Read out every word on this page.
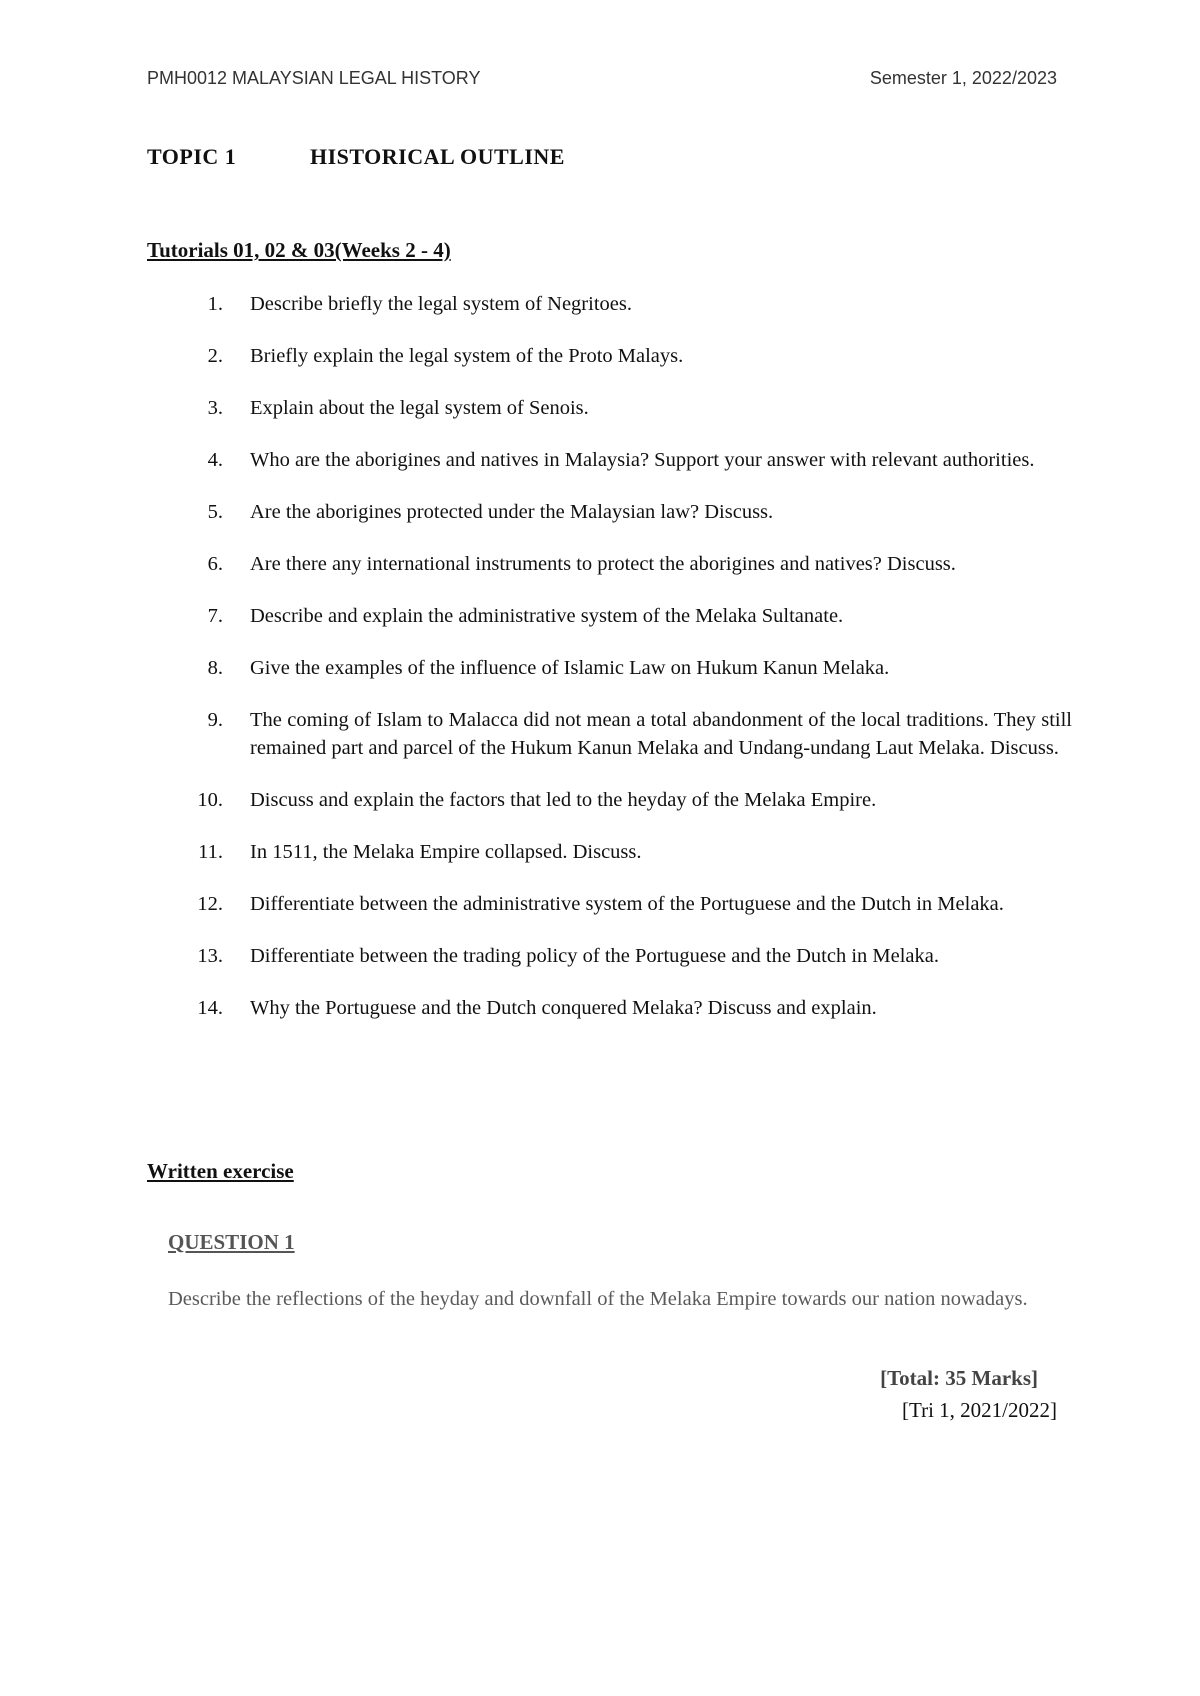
PMH0012 MALAYSIAN LEGAL HISTORY	Semester 1, 2022/2023
TOPIC 1	HISTORICAL OUTLINE
Tutorials 01, 02 & 03(Weeks 2 - 4)
1. Describe briefly the legal system of Negritoes.
2. Briefly explain the legal system of the Proto Malays.
3. Explain about the legal system of Senois.
4. Who are the aborigines and natives in Malaysia? Support your answer with relevant authorities.
5. Are the aborigines protected under the Malaysian law? Discuss.
6. Are there any international instruments to protect the aborigines and natives? Discuss.
7. Describe and explain the administrative system of the Melaka Sultanate.
8. Give the examples of the influence of Islamic Law on Hukum Kanun Melaka.
9. The coming of Islam to Malacca did not mean a total abandonment of the local traditions. They still remained part and parcel of the Hukum Kanun Melaka and Undang-undang Laut Melaka. Discuss.
10. Discuss and explain the factors that led to the heyday of the Melaka Empire.
11. In 1511, the Melaka Empire collapsed. Discuss.
12. Differentiate between the administrative system of the Portuguese and the Dutch in Melaka.
13. Differentiate between the trading policy of the Portuguese and the Dutch in Melaka.
14. Why the Portuguese and the Dutch conquered Melaka? Discuss and explain.
Written exercise
QUESTION 1
Describe the reflections of the heyday and downfall of the Melaka Empire towards our nation nowadays.
[Total: 35 Marks]
[Tri 1, 2021/2022]
